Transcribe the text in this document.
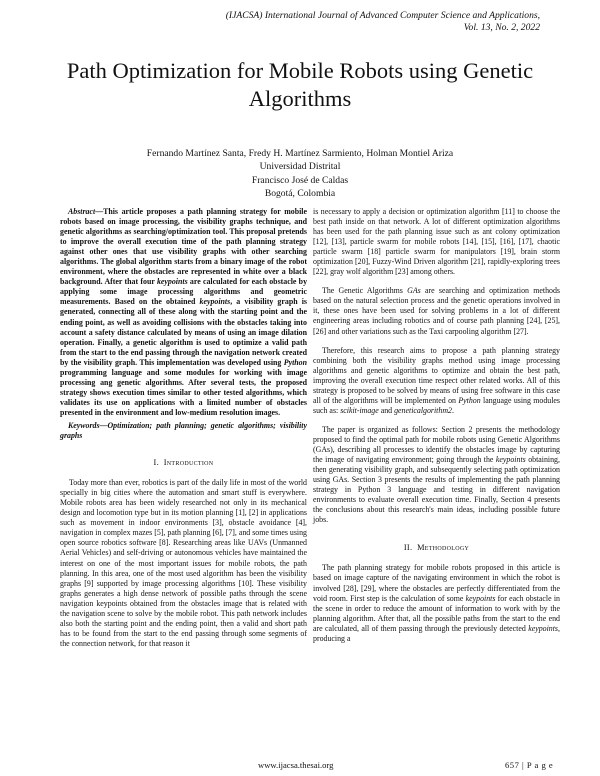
(IJACSA) International Journal of Advanced Computer Science and Applications,
Vol. 13, No. 2, 2022
Path Optimization for Mobile Robots using Genetic
Algorithms
Fernando Martínez Santa, Fredy H. Martínez Sarmiento, Holman Montiel Ariza
Universidad Distrital
Francisco José de Caldas
Bogotá, Colombia

Abstract—This article proposes a path planning strategy for mobile robots based on image processing, the visibility graphs technique, and genetic algorithms as searching/optimization tool. This proposal pretends to improve the overall execution time of the path planning strategy against other ones that use visibility graphs with other searching algorithms. The global algorithm starts from a binary image of the robot environment, where the obstacles are represented in white over a black background. After that four keypoints are calculated for each obstacle by applying some image processing algorithms and geometric measurements. Based on the obtained keypoints, a visibility graph is generated, connecting all of these along with the starting point and the ending point, as well as avoiding collisions with the obstacles taking into account a safety distance calculated by means of using an image dilation operation. Finally, a genetic algorithm is used to optimize a valid path from the start to the end passing through the navigation network created by the visibility graph. This implementation was developed using Python programming language and some modules for working with image processing ang genetic algorithms. After several tests, the proposed strategy shows execution times similar to other tested algorithms, which validates its use on applications with a limited number of obstacles presented in the environment and low-medium resolution images.

Keywords—Optimization; path planning; genetic algorithms; visibility graphs

I. Introduction

Today more than ever, robotics is part of the daily life in most of the world specially in big cities where the automation and smart stuff is everywhere. Mobile robots area has been widely researched not only in its mechanical design and locomotion type but in its motion planning [1], [2] in applications such as movement in indoor environments [3], obstacle avoidance [4], navigation in complex mazes [5], path planning [6], [7], and some times using open source robotics software [8]. Researching areas like UAVs (Unmanned Aerial Vehicles) and self-driving or autonomous vehicles have maintained the interest on one of the most important issues for mobile robots, the path planning. In this area, one of the most used algorithm has been the visibility graphs [9] supported by image processing algorithms [10]. These visibility graphs generates a high dense network of possible paths through the scene navigation keypoints obtained from the obstacles image that is related with the navigation scene to solve by the mobile robot. This path network includes also both the starting point and the ending point, then a valid and short path has to be found from the start to the end passing through some segments of the connection network, for that reason it

is necessary to apply a decision or optimization algorithm [11] to choose the best path inside on that network. A lot of different optimization algorithms has been used for the path planning issue such as ant colony optimization [12], [13], particle swarm for mobile robots [14], [15], [16], [17], chaotic particle swarm [18] particle swarm for manipulators [19], brain storm optimization [20], Fuzzy-Wind Driven algorithm [21], rapidly-exploring trees [22], gray wolf algorithm [23] among others.

The Genetic Algorithms GAs are searching and optimization methods based on the natural selection process and the genetic operations involved in it, these ones have been used for solving problems in a lot of different engineering areas including robotics and of course path planning [24], [25], [26] and other variations such as the Taxi carpooling algorithm [27].

Therefore, this research aims to propose a path planning strategy combining both the visibility graphs method using image processing algorithms and genetic algorithms to optimize and obtain the best path, improving the overall execution time respect other related works. All of this strategy is proposed to be solved by means of using free software in this case all of the algorithms will be implemented on Python language using modules such as: scikit-image and geneticalgorithm2.

The paper is organized as follows: Section 2 presents the methodology proposed to find the optimal path for mobile robots using Genetic Algorithms (GAs), describing all processes to identify the obstacles image by capturing the image of navigating environment; going through the keypoints obtaining, then generating visibility graph, and subsequently selecting path optimization using GAs. Section 3 presents the results of implementing the path planning strategy in Python 3 language and testing in different navigation environments to evaluate overall execution time. Finally, Section 4 presents the conclusions about this research's main ideas, including possible future jobs.

II. Methodology

The path planning strategy for mobile robots proposed in this article is based on image capture of the navigating environment in which the robot is involved [28], [29], where the obstacles are perfectly differentiated from the void room. First step is the calculation of some keypoints for each obstacle in the scene in order to reduce the amount of information to work with by the planning algorithm. After that, all the possible paths from the start to the end are calculated, all of them passing through the previously detected keypoints, producing a

www.ijacsa.thesai.org	657 | P a g e
